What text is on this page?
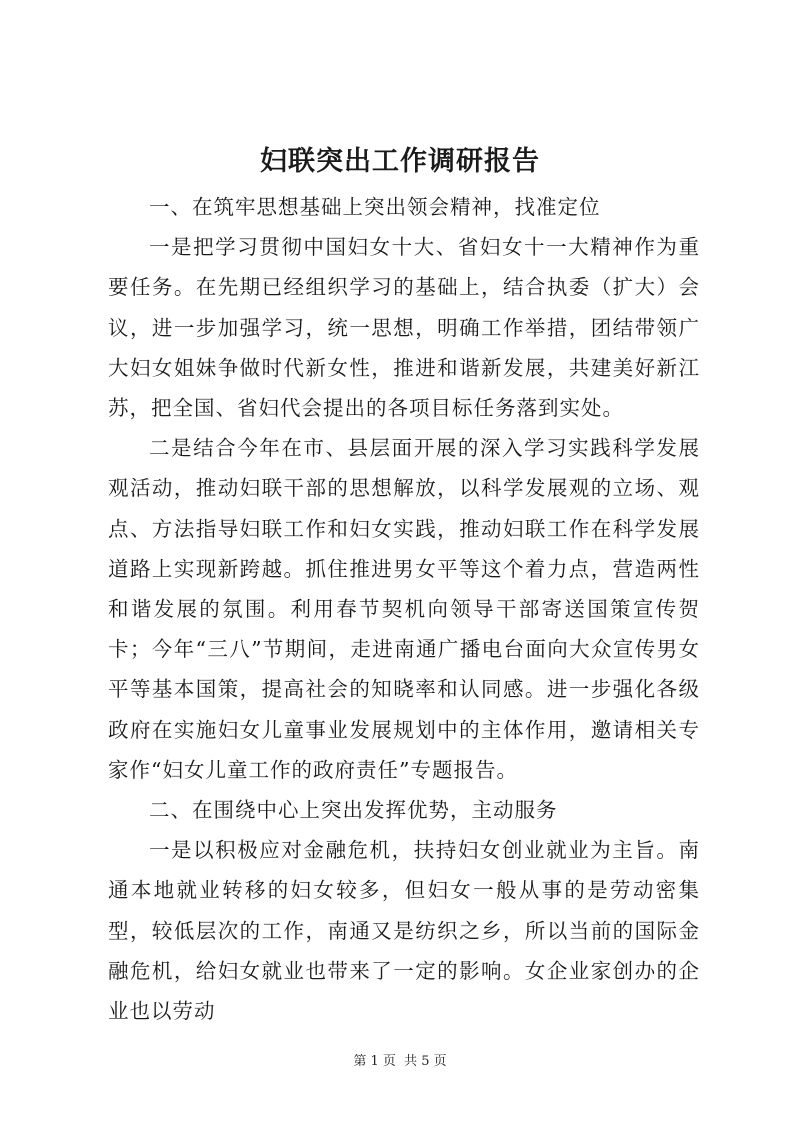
妇联突出工作调研报告

一、在筑牢思想基础上突出领会精神，找准定位

一是把学习贯彻中国妇女十大、省妇女十一大精神作为重要任务。在先期已经组织学习的基础上，结合执委（扩大）会议，进一步加强学习，统一思想，明确工作举措，团结带领广大妇女姐妹争做时代新女性，推进和谐新发展，共建美好新江苏，把全国、省妇代会提出的各项目标任务落到实处。

二是结合今年在市、县层面开展的深入学习实践科学发展观活动，推动妇联干部的思想解放，以科学发展观的立场、观点、方法指导妇联工作和妇女实践，推动妇联工作在科学发展道路上实现新跨越。抓住推进男女平等这个着力点，营造两性和谐发展的氛围。利用春节契机向领导干部寄送国策宣传贺卡；今年“三八”节期间，走进南通广播电台面向大众宣传男女平等基本国策，提高社会的知晓率和认同感。进一步强化各级政府在实施妇女儿童事业发展规划中的主体作用，邀请相关专家作“妇女儿童工作的政府责任”专题报告。

二、在围绕中心上突出发挥优势，主动服务

一是以积极应对金融危机，扶持妇女创业就业为主旨。南通本地就业转移的妇女较多，但妇女一般从事的是劳动密集型，较低层次的工作，南通又是纺织之乡，所以当前的国际金融危机，给妇女就业也带来了一定的影响。女企业家创办的企业也以劳动

第 1 页 共 5 页
